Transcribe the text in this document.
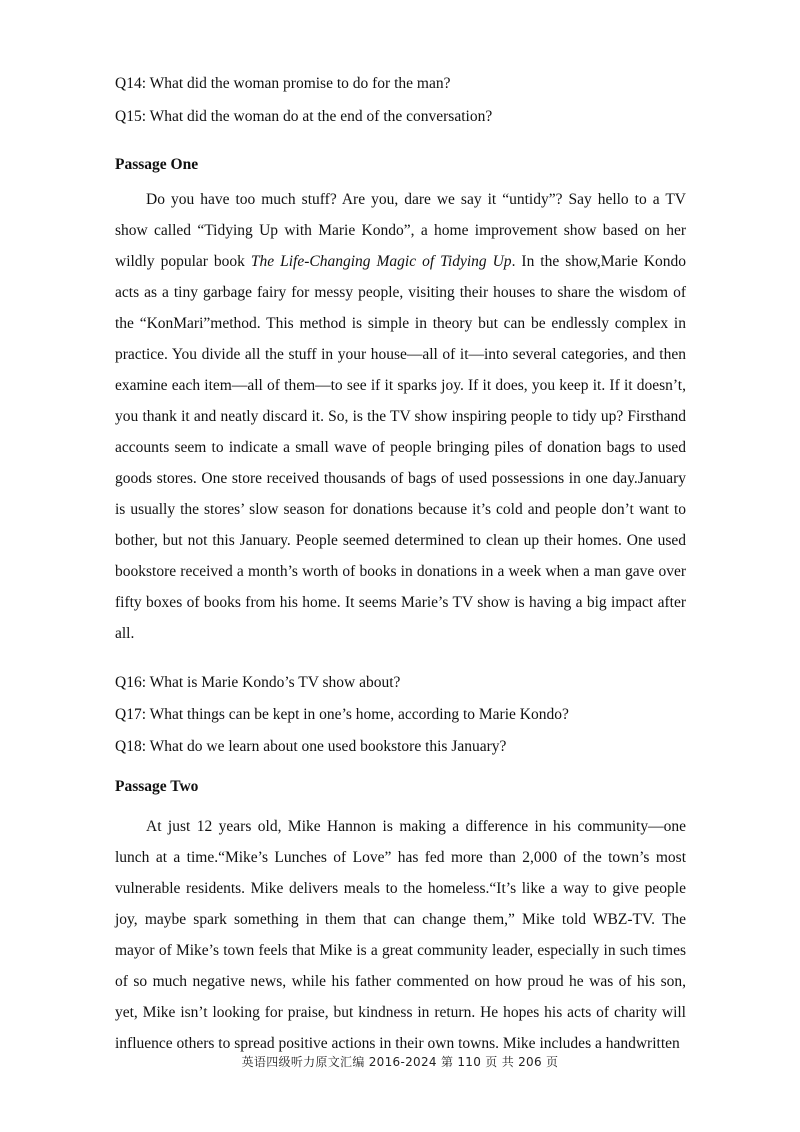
Q14: What did the woman promise to do for the man?
Q15: What did the woman do at the end of the conversation?
Passage One

Do you have too much stuff? Are you, dare we say it “untidy”? Say hello to a TV show called “Tidying Up with Marie Kondo”, a home improvement show based on her wildly popular book The Life-Changing Magic of Tidying Up. In the show,Marie Kondo acts as a tiny garbage fairy for messy people, visiting their houses to share the wisdom of the “KonMari”method. This method is simple in theory but can be endlessly complex in practice. You divide all the stuff in your house—all of it—into several categories, and then examine each item—all of them—to see if it sparks joy. If it does, you keep it. If it doesn’t, you thank it and neatly discard it. So, is the TV show inspiring people to tidy up? Firsthand accounts seem to indicate a small wave of people bringing piles of donation bags to used goods stores. One store received thousands of bags of used possessions in one day.January is usually the stores’ slow season for donations because it’s cold and people don’t want to bother, but not this January. People seemed determined to clean up their homes. One used bookstore received a month’s worth of books in donations in a week when a man gave over fifty boxes of books from his home. It seems Marie’s TV show is having a big impact after all.

Q16: What is Marie Kondo’s TV show about?
Q17: What things can be kept in one’s home, according to Marie Kondo?
Q18: What do we learn about one used bookstore this January?
Passage Two

At just 12 years old, Mike Hannon is making a difference in his community—one lunch at a time.“Mike’s Lunches of Love” has fed more than 2,000 of the town’s most vulnerable residents. Mike delivers meals to the homeless.“It’s like a way to give people joy, maybe spark something in them that can change them,” Mike told WBZ-TV. The mayor of Mike’s town feels that Mike is a great community leader, especially in such times of so much negative news, while his father commented on how proud he was of his son, yet, Mike isn’t looking for praise, but kindness in return. He hopes his acts of charity will influence others to spread positive actions in their own towns. Mike includes a handwritten

英语四级听力原文汇编 2016-2024 第 110 页 共 206 页
